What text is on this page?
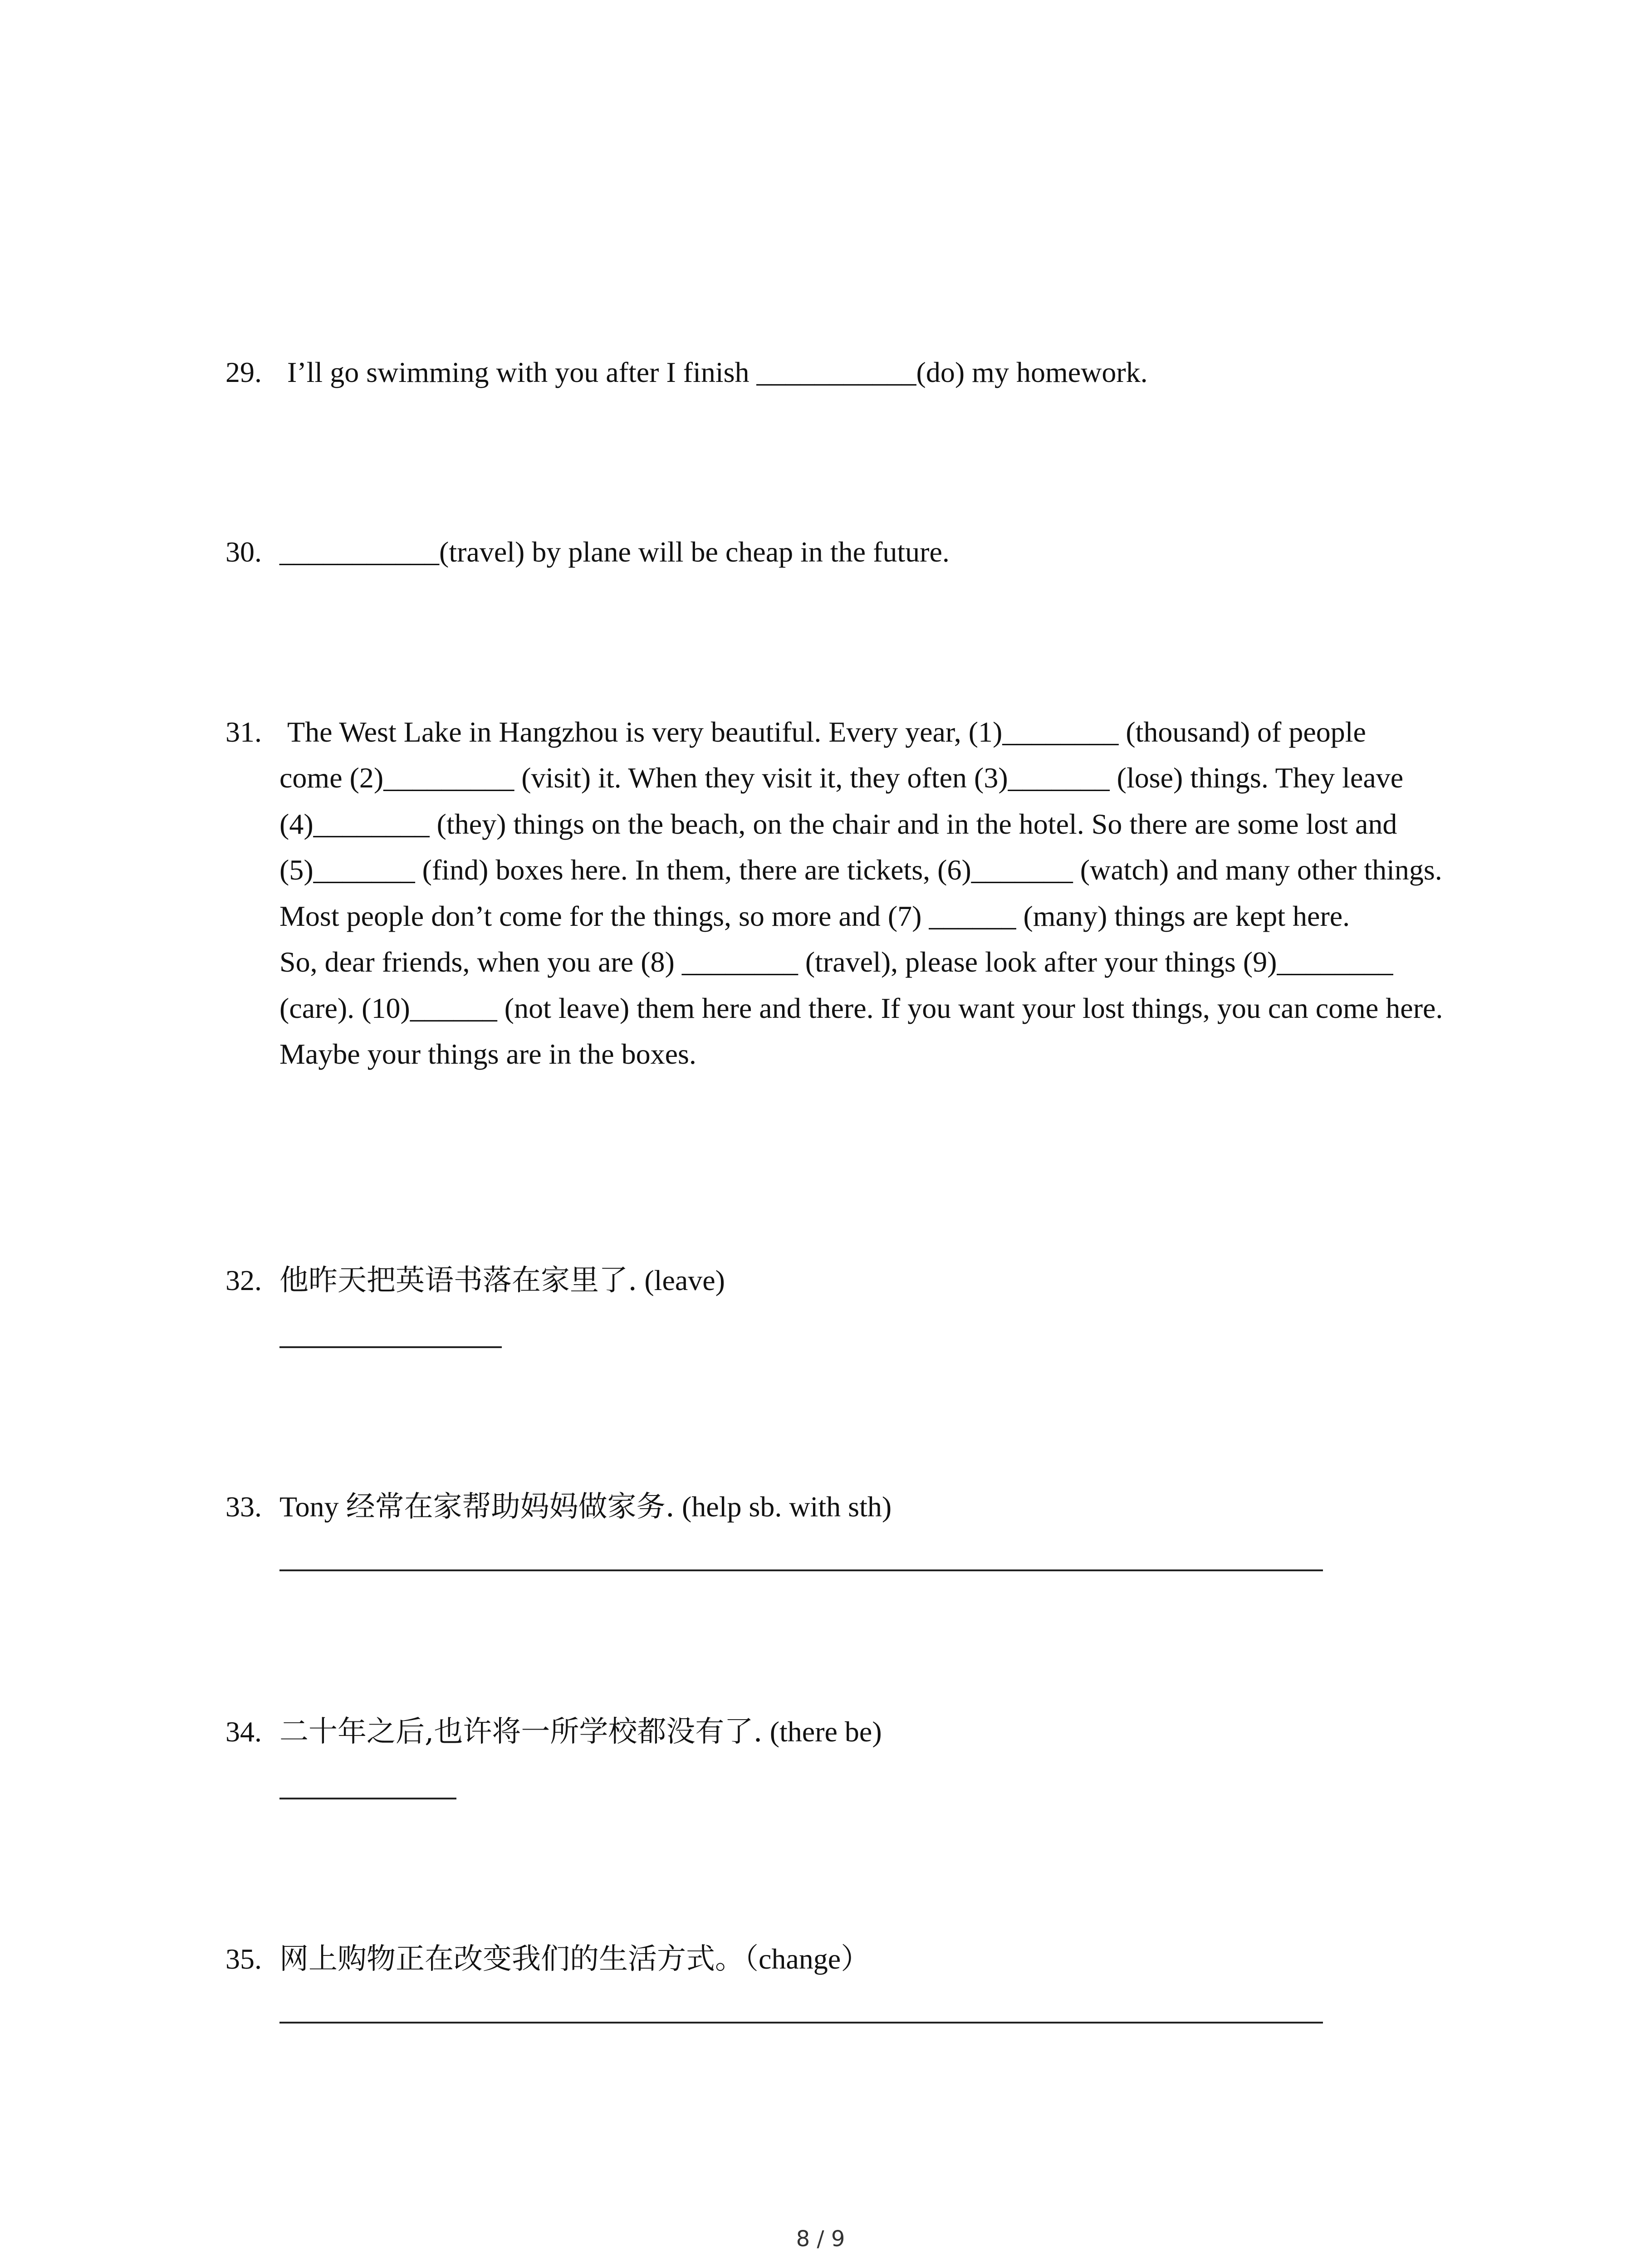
29. I’ll go swimming with you after I finish ___________(do) my homework.
30. ___________(travel) by plane will be cheap in the future.
31. The West Lake in Hangzhou is very beautiful. Every year, (1)________ (thousand) of people

come (2)_________ (visit) it. When they visit it, they often (3)_______ (lose) things. They leave (4)________ (they) things on the beach, on the chair and in the hotel. So there are some lost and (5)_______ (find) boxes here. In them, there are tickets, (6)_______ (watch) and many other things. Most people don’t come for the things, so more and (7) ______ (many) things are kept here.

So, dear friends, when you are (8) ________ (travel), please look after your things (9)________ (care). (10)______ (not leave) them here and there. If you want your lost things, you can come here. Maybe your things are in the boxes.

32. 他昨天把英语书落在家里了. (leave)
33. Tony 经常在家帮助妈妈做家务. (help sb. with sth)
34. 二十年之后,也许将一所学校都没有了. (there be)
35. 网上购物正在改变我们的生活方式。（change）
8 / 9
